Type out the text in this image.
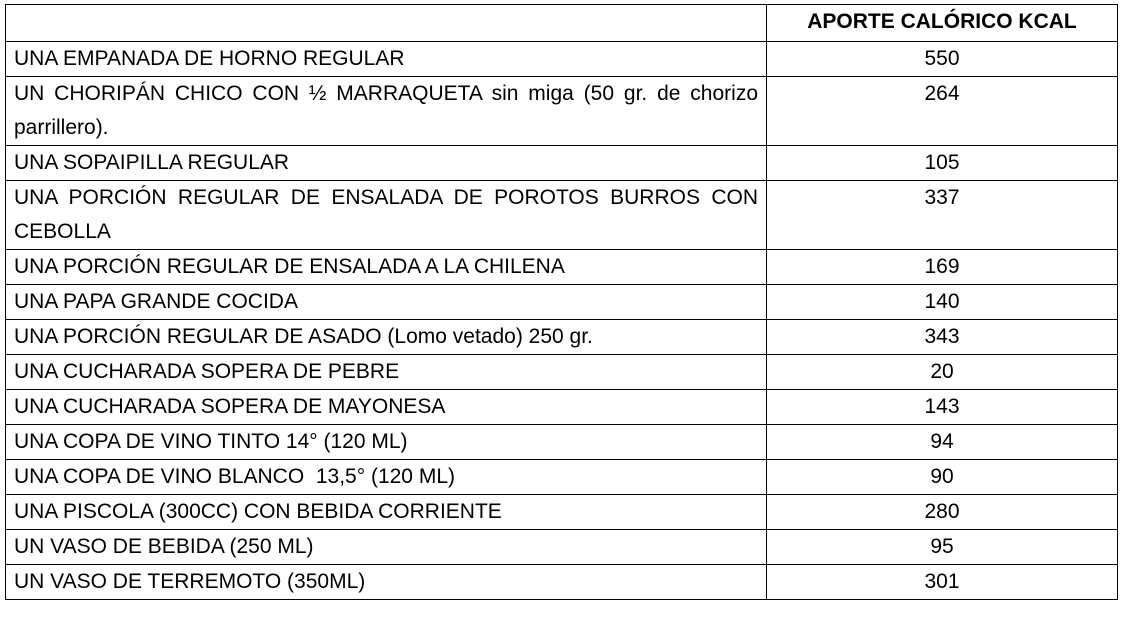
	APORTE CALÓRICO KCAL
UNA EMPANADA DE HORNO REGULAR	550
UN CHORIPÁN CHICO CON ½ MARRAQUETA sin miga (50 gr. de chorizo parrillero).	264
UNA SOPAIPILLA REGULAR	105
UNA PORCIÓN REGULAR DE ENSALADA DE POROTOS BURROS CON CEBOLLA	337
UNA PORCIÓN REGULAR DE ENSALADA A LA CHILENA	169
UNA PAPA GRANDE COCIDA	140
UNA PORCIÓN REGULAR DE ASADO (Lomo vetado) 250 gr.	343
UNA CUCHARADA SOPERA DE PEBRE	20
UNA CUCHARADA SOPERA DE MAYONESA	143
UNA COPA DE VINO TINTO 14° (120 ML)	94
UNA COPA DE VINO BLANCO  13,5° (120 ML)	90
UNA PISCOLA (300CC) CON BEBIDA CORRIENTE	280
UN VASO DE BEBIDA (250 ML)	95
UN VASO DE TERREMOTO (350ML)	301
